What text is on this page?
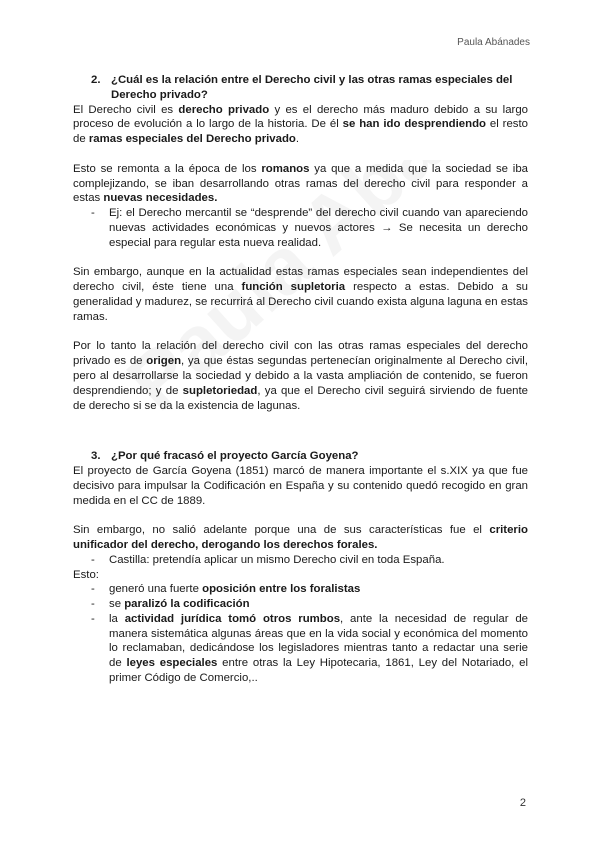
Paula Abánades
2. ¿Cuál es la relación entre el Derecho civil y las otras ramas especiales del Derecho privado?

El Derecho civil es derecho privado y es el derecho más maduro debido a su largo proceso de evolución a lo largo de la historia. De él se han ido desprendiendo el resto de ramas especiales del Derecho privado.

Esto se remonta a la época de los romanos ya que a medida que la sociedad se iba complejizando, se iban desarrollando otras ramas del derecho civil para responder a estas nuevas necesidades.

-	Ej: el Derecho mercantil se “desprende” del derecho civil cuando van apareciendo nuevas actividades económicas y nuevos actores → Se necesita un derecho especial para regular esta nueva realidad.

Sin embargo, aunque en la actualidad estas ramas especiales sean independientes del derecho civil, éste tiene una función supletoria respecto a estas. Debido a su generalidad y madurez, se recurrirá al Derecho civil cuando exista alguna laguna en estas ramas.

Por lo tanto la relación del derecho civil con las otras ramas especiales del derecho privado es de origen, ya que éstas segundas pertenecían originalmente al Derecho civil, pero al desarrollarse la sociedad y debido a la vasta ampliación de contenido, se fueron desprendiendo; y de supletoriedad, ya que el Derecho civil seguirá sirviendo de fuente de derecho si se da la existencia de lagunas.

3. ¿Por qué fracasó el proyecto García Goyena?

El proyecto de García Goyena (1851) marcó de manera importante el s.XIX ya que fue decisivo para impulsar la Codificación en España y su contenido quedó recogido en gran medida en el CC de 1889.

Sin embargo, no salió adelante porque una de sus características fue el criterio unificador del derecho, derogando los derechos forales.

-	Castilla: pretendía aplicar un mismo Derecho civil en toda España.

Esto:

-	generó una fuerte oposición entre los foralistas
-	se paralizó la codificación
-	la actividad jurídica tomó otros rumbos, ante la necesidad de regular de manera sistemática algunas áreas que en la vida social y económica del momento lo reclamaban, dedicándose los legisladores mientras tanto a redactar una serie de leyes especiales entre otras la Ley Hipotecaria, 1861, Ley del Notariado, el primer Código de Comercio,..
2
